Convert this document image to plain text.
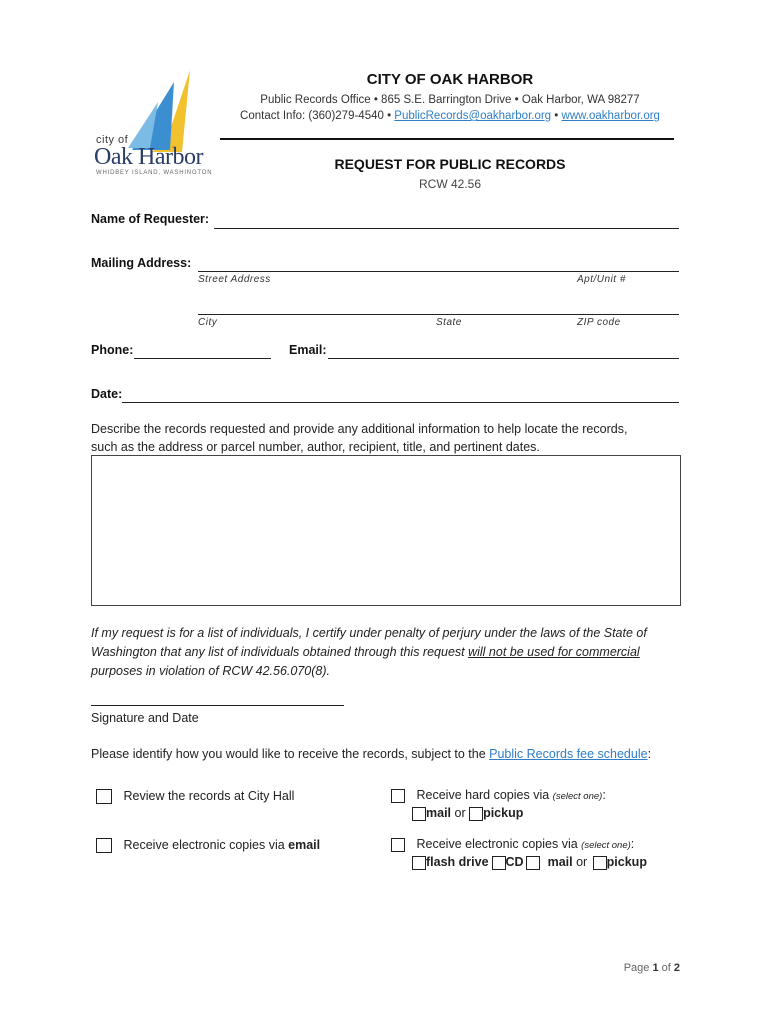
city of
Oak Harbor
WHIDBEY ISLAND, WASHINGTON
CITY OF OAK HARBOR
Public Records Office • 865 S.E. Barrington Drive • Oak Harbor, WA 98277
Contact Info: (360)279-4540 • PublicRecords@oakharbor.org • www.oakharbor.org
REQUEST FOR PUBLIC RECORDS
RCW 42.56
Name of Requester:
Mailing Address:
Street Address	Apt/Unit #
City	State	ZIP code
Phone:	Email:
Date:
Describe the records requested and provide any additional information to help locate the records,
such as the address or parcel number, author, recipient, title, and pertinent dates.
If my request is for a list of individuals, I certify under penalty of perjury under the laws of the State of
Washington that any list of individuals obtained through this request will not be used for commercial
purposes in violation of RCW 42.56.070(8).
Signature and Date
Please identify how you would like to receive the records, subject to the Public Records fee schedule:
Review the records at City Hall	Receive hard copies via (select one):
mail or pickup
Receive electronic copies via email	Receive electronic copies via (select one):
flash drive CD mail or pickup
Page 1 of 2
